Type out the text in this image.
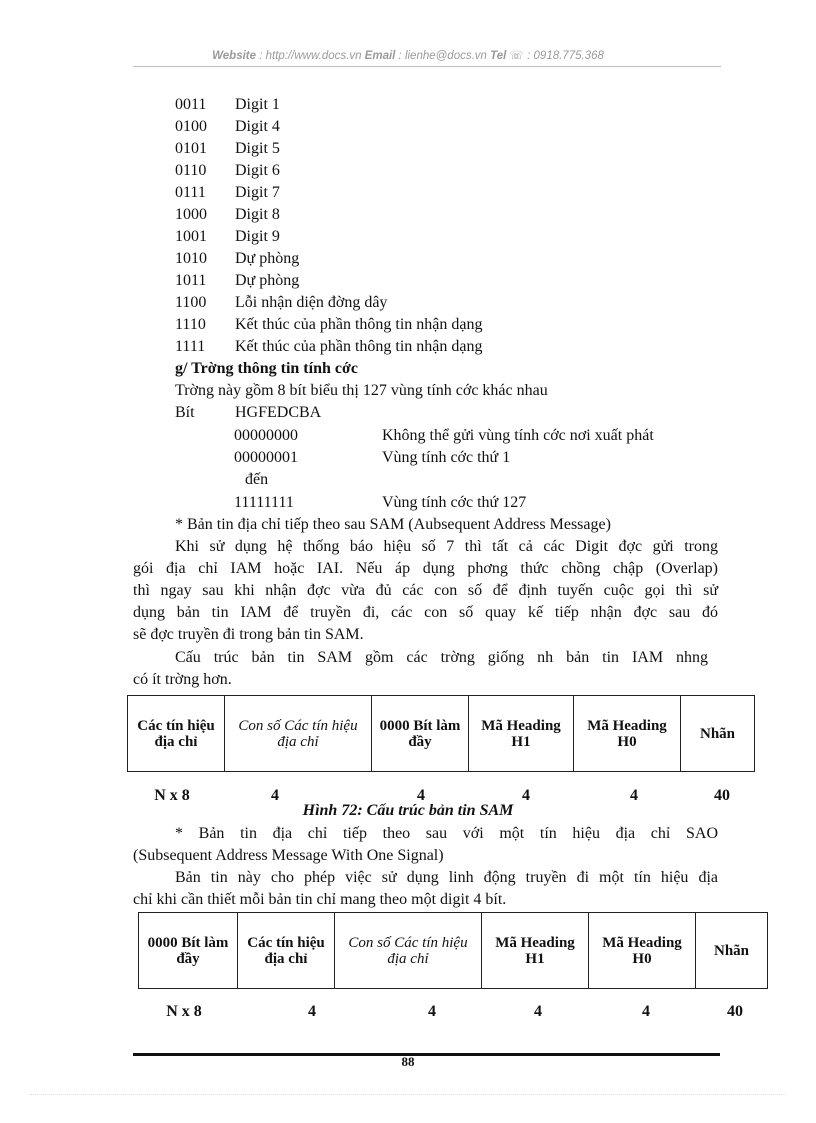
Website : http://www.docs.vn Email : lienhe@docs.vn Tel ☏ : 0918.775.368
0011 Digit 1
0100 Digit 4
0101 Digit 5
0110 Digit 6
0111 Digit 7
1000 Digit 8
1001 Digit 9
1010 Dự phòng
1011 Dự phòng
1100 Lỗi nhận diện đờng dây
1110 Kết thúc của phần thông tin nhận dạng
1111 Kết thúc của phần thông tin nhận dạng
g/ Trờng thông tin tính cớc
Trờng này gồm 8 bít biểu thị 127 vùng tính cớc khác nhau
Bít	HGFEDCBA
00000000	Không thể gửi vùng tính cớc nơi xuất phát
00000001	Vùng tính cớc thứ 1
đến
11111111	Vùng tính cớc thứ 127
* Bản tin địa chỉ tiếp theo sau SAM (Aubsequent Address Message)
Khi sử dụng hệ thống báo hiệu số 7 thì tất cả các Digit đợc gửi trong
gói địa chỉ IAM hoặc IAI. Nếu áp dụng phơng thức chồng chập (Overlap)
thì ngay sau khi nhận đợc vừa đủ các con số để định tuyến cuộc gọi thì sử
dụng bản tin IAM để truyền đi, các con số quay kế tiếp nhận đợc sau đó
sẽ đợc truyền đi trong bản tin SAM.
Cấu trúc bản tin SAM gồm các trờng giống nh bản tin IAM nhng
có ít trờng hơn.
Các tín hiệu địa chỉ	Con số Các tín hiệu địa chỉ	0000 Bít làm đầy	Mã Heading H1	Mã Heading H0	Nhãn
N x 8	4	4	4	4	40
Hình 72: Cấu trúc bản tin SAM
* Bản tin địa chỉ tiếp theo sau với một tín hiệu địa chỉ SAO
(Subsequent Address Message With One Signal)
Bản tin này cho phép việc sử dụng linh động truyền đi một tín hiệu địa
chỉ khi cần thiết mỗi bản tin chỉ mang theo một digit 4 bít.
0000 Bít làm đầy	Các tín hiệu địa chỉ	Con số Các tín hiệu địa chỉ	Mã Heading H1	Mã Heading H0	Nhãn
N x 8	4	4	4	4	40
88
